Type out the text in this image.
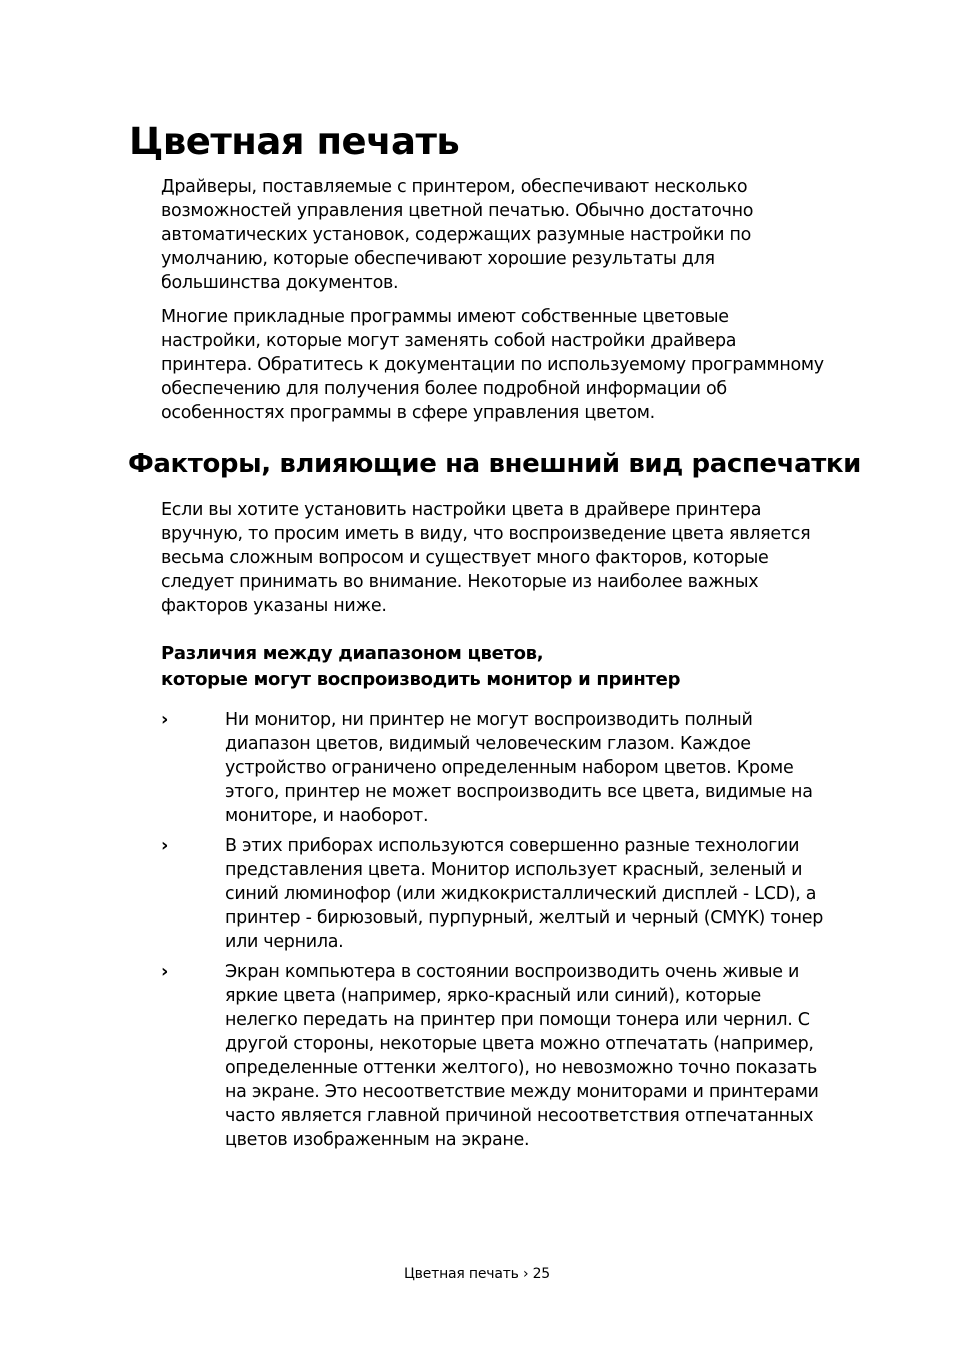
Цветная печать

Драйверы, поставляемые с принтером, обеспечивают несколько возможностей управления цветной печатью. Обычно достаточно автоматических установок, содержащих разумные настройки по умолчанию, которые обеспечивают хорошие результаты для большинства документов.

Многие прикладные программы имеют собственные цветовые настройки, которые могут заменять собой настройки драйвера принтера. Обратитесь к документации по используемому программному обеспечению для получения более подробной информации об особенностях программы в сфере управления цветом.

Факторы, влияющие на внешний вид распечатки

Если вы хотите установить настройки цвета в драйвере принтера вручную, то просим иметь в виду, что воспроизведение цвета является весьма сложным вопросом и существует много факторов, которые следует принимать во внимание. Некоторые из наиболее важных факторов указаны ниже.

Различия между диапазоном цветов,
которые могут воспроизводить монитор и принтер
›	Ни монитор, ни принтер не могут воспроизводить полный диапазон цветов, видимый человеческим глазом. Каждое устройство ограничено определенным набором цветов. Кроме этого, принтер не может воспроизводить все цвета, видимые на мониторе, и наоборот.
›	В этих приборах используются совершенно разные технологии представления цвета. Монитор использует красный, зеленый и синий люминофор (или жидкокристаллический дисплей - LCD), а принтер - бирюзовый, пурпурный, желтый и черный (CMYK) тонер или чернила.
›	Экран компьютера в состоянии воспроизводить очень живые и яркие цвета (например, ярко-красный или синий), которые нелегко передать на принтер при помощи тонера или чернил. С другой стороны, некоторые цвета можно отпечатать (например, определенные оттенки желтого), но невозможно точно показать на экране. Это несоответствие между мониторами и принтерами часто является главной причиной несоответствия отпечатанных цветов изображенным на экране.
Цветная печать › 25
